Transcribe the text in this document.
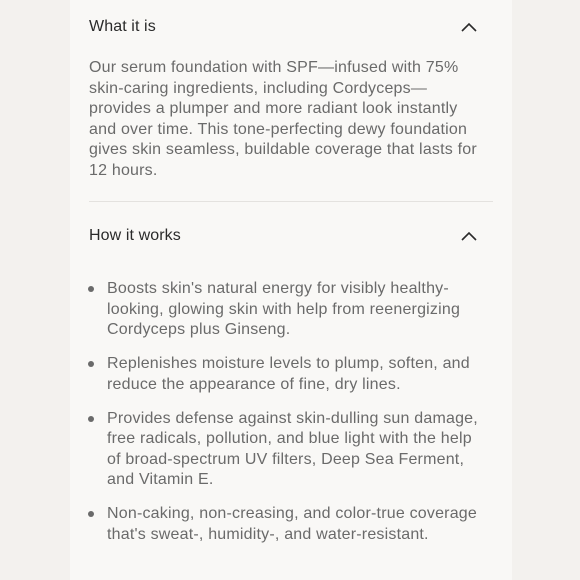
What it is
Our serum foundation with SPF—infused with 75% skin-caring ingredients, including Cordyceps—provides a plumper and more radiant look instantly and over time. This tone-perfecting dewy foundation gives skin seamless, buildable coverage that lasts for 12 hours.
How it works
Boosts skin's natural energy for visibly healthy-looking, glowing skin with help from reenergizing Cordyceps plus Ginseng.
Replenishes moisture levels to plump, soften, and reduce the appearance of fine, dry lines.
Provides defense against skin-dulling sun damage, free radicals, pollution, and blue light with the help of broad-spectrum UV filters, Deep Sea Ferment, and Vitamin E.
Non-caking, non-creasing, and color-true coverage that's sweat-, humidity-, and water-resistant.
